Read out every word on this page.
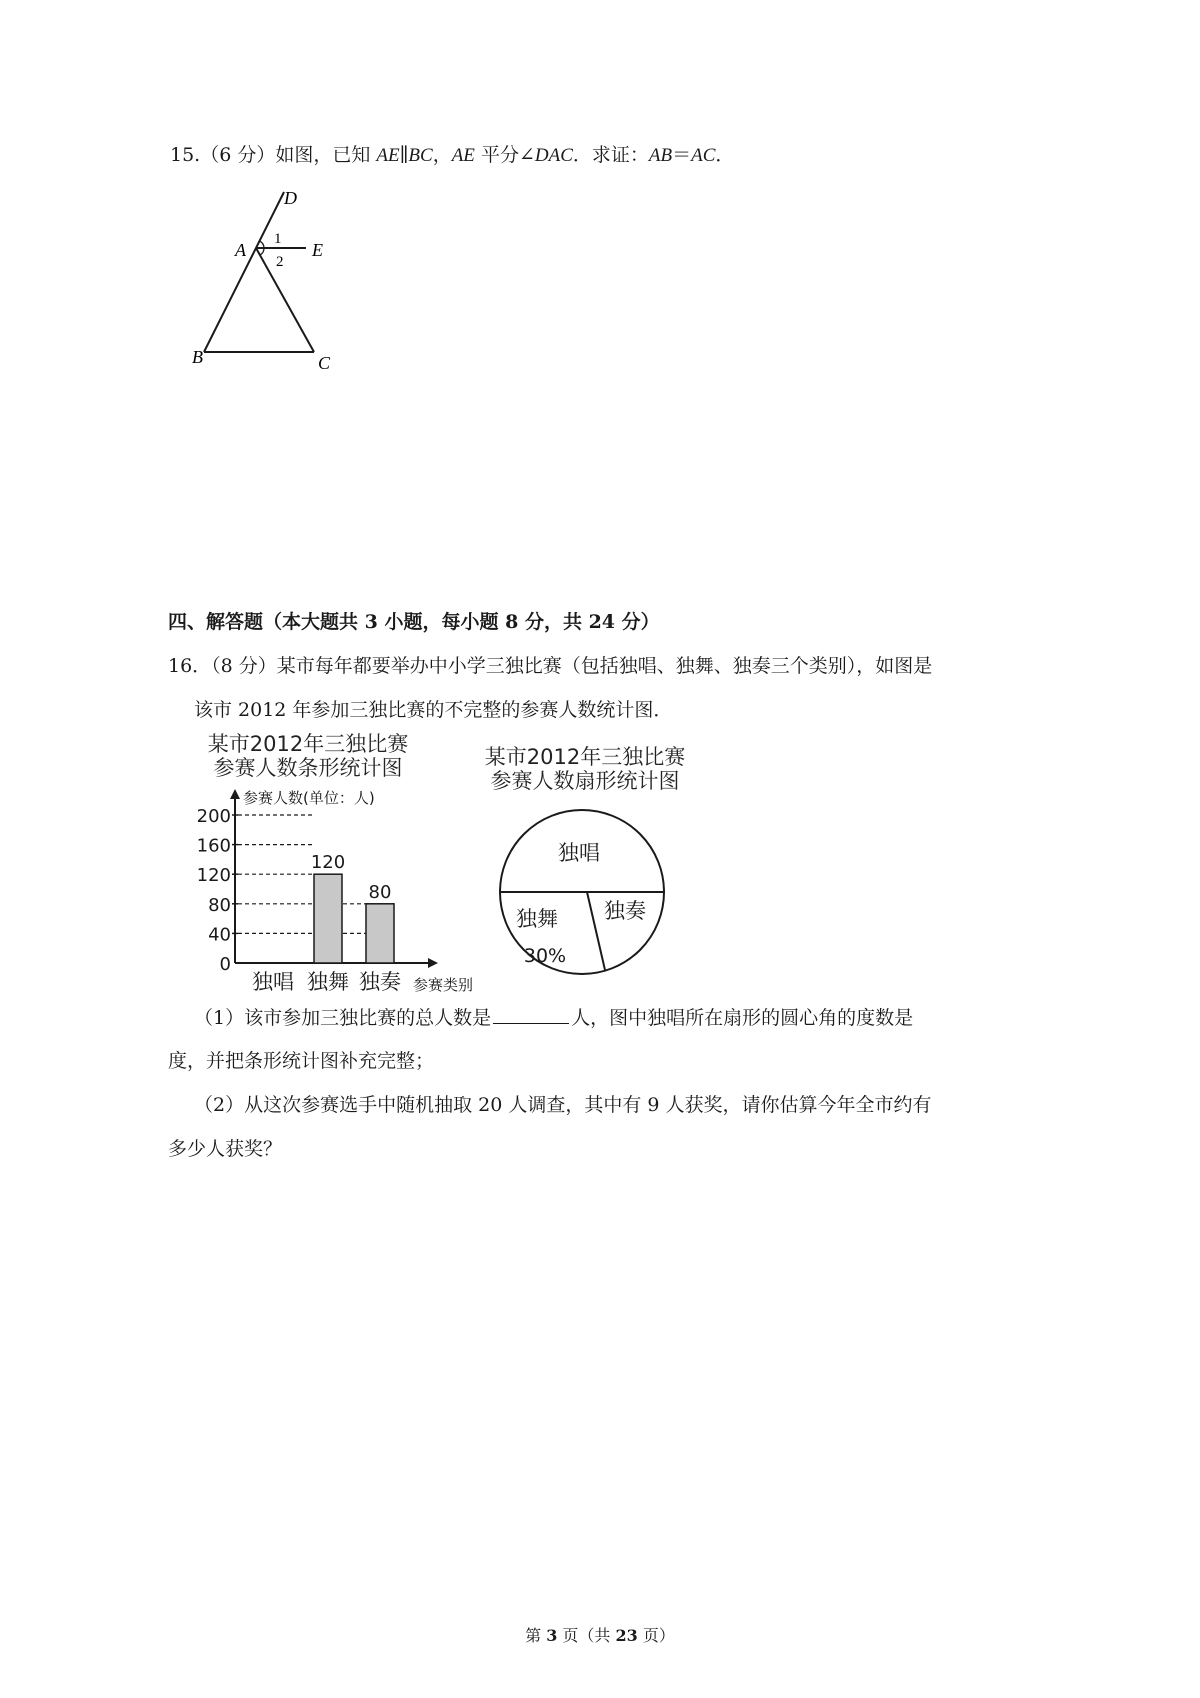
15.（6 分）如图，已知 AE∥BC，AE 平分∠DAC．求证：AB＝AC．
D
A	E
B	C
1
2
四、解答题（本大题共 3 小题，每小题 8 分，共 24 分）
16．（8 分）某市每年都要举办中小学三独比赛（包括独唱、独舞、独奏三个类别），如图是
该市 2012 年参加三独比赛的不完整的参赛人数统计图．
某市2012年三独比赛
参赛人数条形统计图
参赛人数(单位：人)
0
40
80
120
160
200
独唱
120
独舞
80
独奏 参赛类别
某市2012年三独比赛
参赛人数扇形统计图
独唱
独舞
30%
独奏
（1）该市参加三独比赛的总人数是	人，图中独唱所在扇形的圆心角的度数是
度，并把条形统计图补充完整；
（2）从这次参赛选手中随机抽取 20 人调查，其中有 9 人获奖，请你估算今年全市约有
多少人获奖？
第 3 页（共 23 页）
